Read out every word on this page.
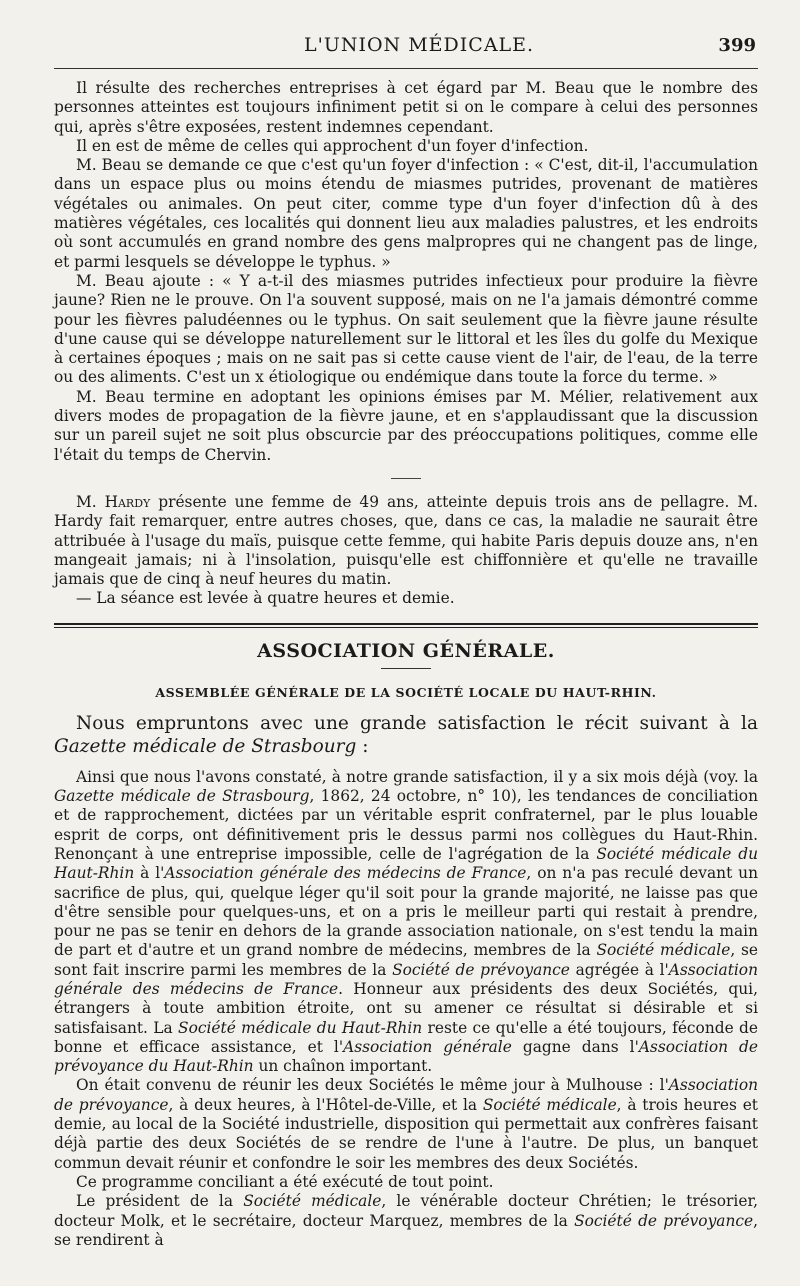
L'UNION MÉDICALE.	399

Il résulte des recherches entreprises à cet égard par M. Beau que le nombre des personnes atteintes est toujours infiniment petit si on le compare à celui des personnes qui, après s'être exposées, restent indemnes cependant.

Il en est de même de celles qui approchent d'un foyer d'infection.

M. Beau se demande ce que c'est qu'un foyer d'infection : « C'est, dit-il, l'accumulation dans un espace plus ou moins étendu de miasmes putrides, provenant de matières végétales ou animales. On peut citer, comme type d'un foyer d'infection dû à des matières végétales, ces localités qui donnent lieu aux maladies palustres, et les endroits où sont accumulés en grand nombre des gens malpropres qui ne changent pas de linge, et parmi lesquels se développe le typhus. »

M. Beau ajoute : « Y a-t-il des miasmes putrides infectieux pour produire la fièvre jaune? Rien ne le prouve. On l'a souvent supposé, mais on ne l'a jamais démontré comme pour les fièvres paludéennes ou le typhus. On sait seulement que la fièvre jaune résulte d'une cause qui se développe naturellement sur le littoral et les îles du golfe du Mexique à certaines époques ; mais on ne sait pas si cette cause vient de l'air, de l'eau, de la terre ou des aliments. C'est un x étiologique ou endémique dans toute la force du terme. »

M. Beau termine en adoptant les opinions émises par M. Mélier, relativement aux divers modes de propagation de la fièvre jaune, et en s'applaudissant que la discussion sur un pareil sujet ne soit plus obscurcie par des préoccupations politiques, comme elle l'était du temps de Chervin.

M. Hardy présente une femme de 49 ans, atteinte depuis trois ans de pellagre. M. Hardy fait remarquer, entre autres choses, que, dans ce cas, la maladie ne saurait être attribuée à l'usage du maïs, puisque cette femme, qui habite Paris depuis douze ans, n'en mangeait jamais; ni à l'insolation, puisqu'elle est chiffonnière et qu'elle ne travaille jamais que de cinq à neuf heures du matin.

— La séance est levée à quatre heures et demie.

ASSOCIATION GÉNÉRALE.
ASSEMBLÉE GÉNÉRALE DE LA SOCIÉTÉ LOCALE DU HAUT-RHIN.

Nous empruntons avec une grande satisfaction le récit suivant à la Gazette médicale de Strasbourg :

Ainsi que nous l'avons constaté, à notre grande satisfaction, il y a six mois déjà (voy. la Gazette médicale de Strasbourg, 1862, 24 octobre, n° 10), les tendances de conciliation et de rapprochement, dictées par un véritable esprit confraternel, par le plus louable esprit de corps, ont définitivement pris le dessus parmi nos collègues du Haut-Rhin. Renonçant à une entreprise impossible, celle de l'agrégation de la Société médicale du Haut-Rhin à l'Association générale des médecins de France, on n'a pas reculé devant un sacrifice de plus, qui, quelque léger qu'il soit pour la grande majorité, ne laisse pas que d'être sensible pour quelques-uns, et on a pris le meilleur parti qui restait à prendre, pour ne pas se tenir en dehors de la grande association nationale, on s'est tendu la main de part et d'autre et un grand nombre de médecins, membres de la Société médicale, se sont fait inscrire parmi les membres de la Société de prévoyance agrégée à l'Association générale des médecins de France. Honneur aux présidents des deux Sociétés, qui, étrangers à toute ambition étroite, ont su amener ce résultat si désirable et si satisfaisant. La Société médicale du Haut-Rhin reste ce qu'elle a été toujours, féconde de bonne et efficace assistance, et l'Association générale gagne dans l'Association de prévoyance du Haut-Rhin un chaînon important.

On était convenu de réunir les deux Sociétés le même jour à Mulhouse : l'Association de prévoyance, à deux heures, à l'Hôtel-de-Ville, et la Société médicale, à trois heures et demie, au local de la Société industrielle, disposition qui permettait aux confrères faisant déjà partie des deux Sociétés de se rendre de l'une à l'autre. De plus, un banquet commun devait réunir et confondre le soir les membres des deux Sociétés.

Ce programme conciliant a été exécuté de tout point.

Le président de la Société médicale, le vénérable docteur Chrétien; le trésorier, docteur Molk, et le secrétaire, docteur Marquez, membres de la Société de prévoyance, se rendirent à
